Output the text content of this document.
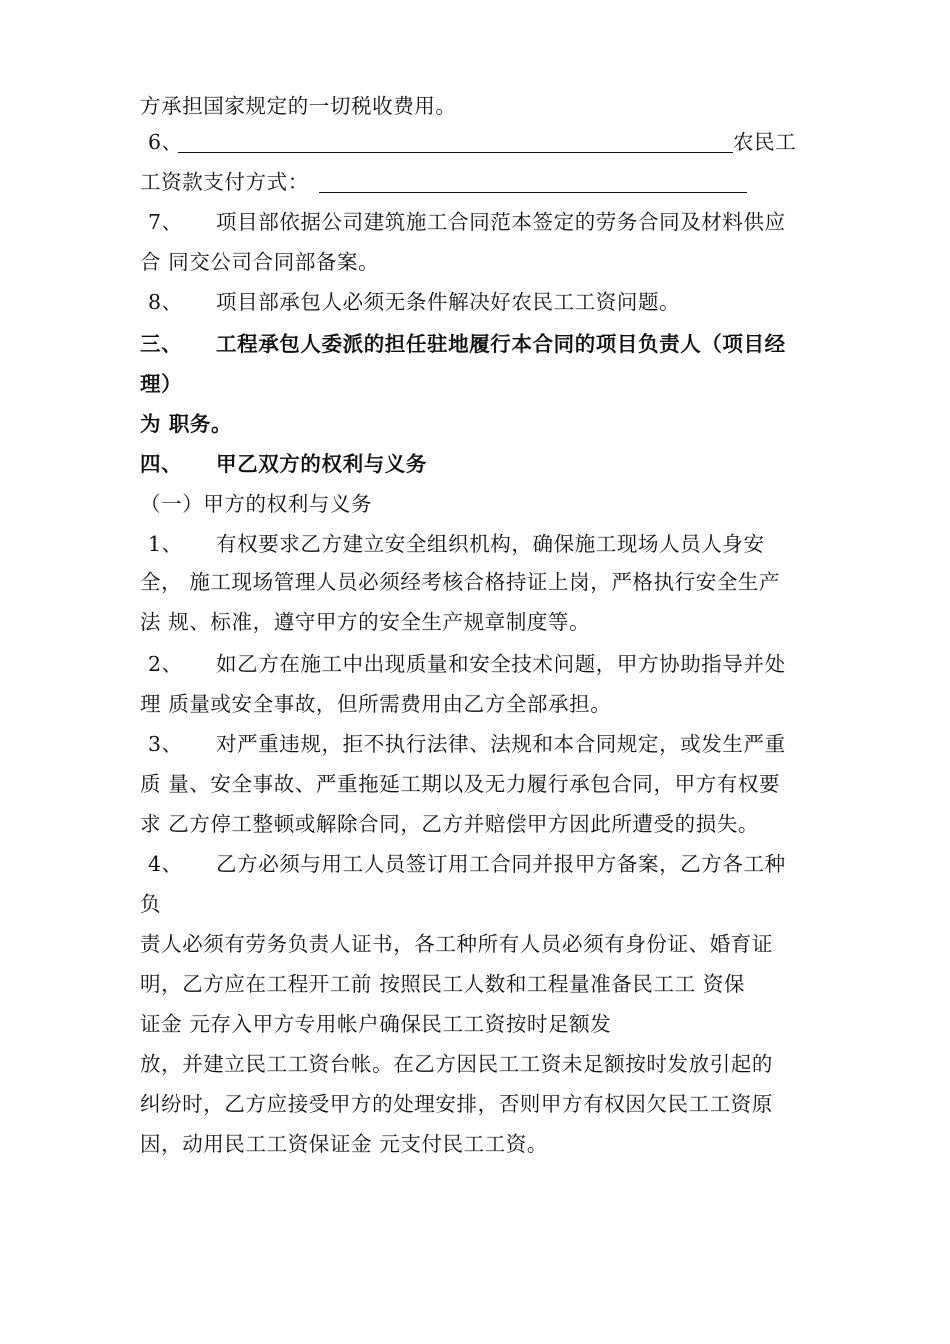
方承担国家规定的一切税收费用。
6、	农民工
工资款支付方式：
7、 项目部依据公司建筑施工合同范本签定的劳务合同及材料供应
合 同交公司合同部备案。
8、 项目部承包人必须无条件解决好农民工工资问题。
三、 工程承包人委派的担任驻地履行本合同的项目负责人（项目经
理）
为 职务。
四、 甲乙双方的权利与义务
（一）甲方的权利与义务
1、 有权要求乙方建立安全组织机构，确保施工现场人员人身安
全， 施工现场管理人员必须经考核合格持证上岗，严格执行安全生产
法 规、标准，遵守甲方的安全生产规章制度等。
2、 如乙方在施工中出现质量和安全技术问题，甲方协助指导并处
理 质量或安全事故，但所需费用由乙方全部承担。
3、 对严重违规，拒不执行法律、法规和本合同规定，或发生严重
质 量、安全事故、严重拖延工期以及无力履行承包合同，甲方有权要
求 乙方停工整顿或解除合同，乙方并赔偿甲方因此所遭受的损失。
4、 乙方必须与用工人员签订用工合同并报甲方备案，乙方各工种
负
责人必须有劳务负责人证书，各工种所有人员必须有身份证、婚育证
明，乙方应在工程开工前 按照民工人数和工程量准备民工工 资保
证金 元存入甲方专用帐户确保民工工资按时足额发
放，并建立民工工资台帐。在乙方因民工工资未足额按时发放引起的
纠纷时，乙方应接受甲方的处理安排，否则甲方有权因欠民工工资原
因，动用民工工资保证金 元支付民工工资。
